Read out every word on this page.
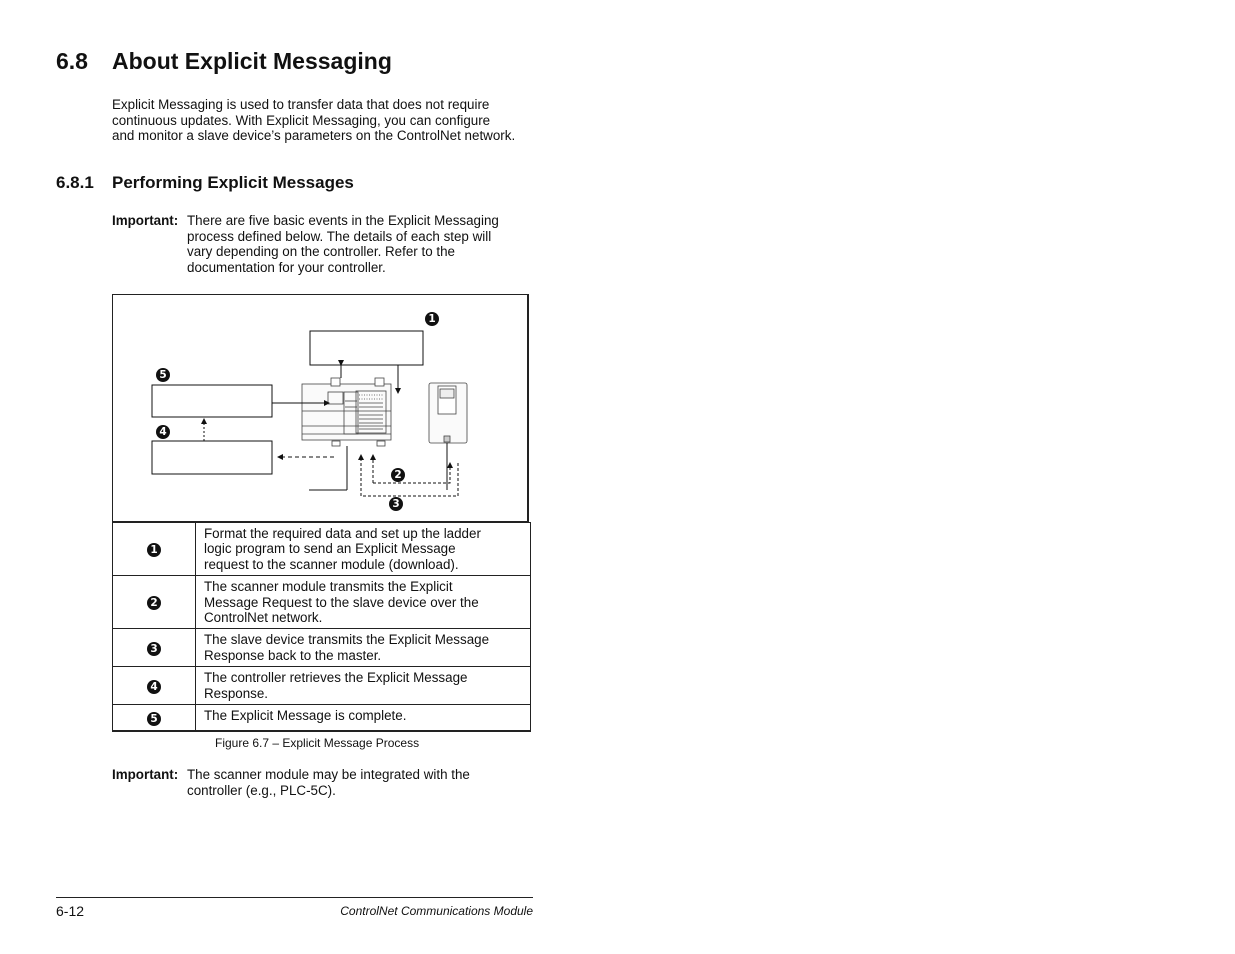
6.8 About Explicit Messaging
Explicit Messaging is used to transfer data that does not require
continuous updates. With Explicit Messaging, you can configure
and monitor a slave device’s parameters on the ControlNet network.
6.8.1 Performing Explicit Messages
Important: There are five basic events in the Explicit Messaging
process defined below. The details of each step will
vary depending on the controller. Refer to the
documentation for your controller.
1
2
3
4
5
1	Format the required data and set up the ladder
logic program to send an Explicit Message
request to the scanner module (download).

2	The scanner module transmits the Explicit
Message Request to the slave device over the
ControlNet network.

3	The slave device transmits the Explicit Message
Response back to the master.

4	The controller retrieves the Explicit Message
Response.

5	The Explicit Message is complete.
Figure 6.7 – Explicit Message Process
Important: The scanner module may be integrated with the
controller (e.g., PLC-5C).
6-12	ControlNet Communications Module
